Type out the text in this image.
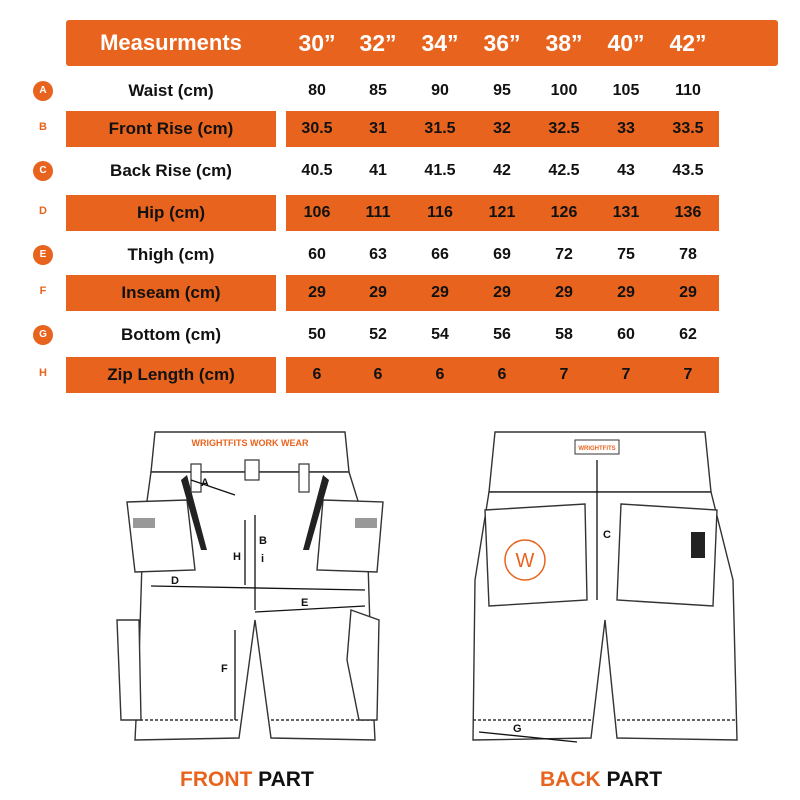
Measurments	30”	32”	34”	36”	38”	40”	42”
A	Waist (cm)	80	85	90	95	100	105	110
B	Front Rise (cm)	30.5	31	31.5	32	32.5	33	33.5
C	Back Rise (cm)	40.5	41	41.5	42	42.5	43	43.5
D	Hip (cm)	106	111	116	121	126	131	136
E	Thigh (cm)	60	63	66	69	72	75	78
F	Inseam (cm)	29	29	29	29	29	29	29
G	Bottom (cm)	50	52	54	56	58	60	62
H	Zip Length (cm)	6	6	6	6	7	7	7
WRIGHTFITS WORK WEAR
A
B
H i
D
E
F
FRONT PART
WRIGHTFITS
W
C
G
BACK PART
